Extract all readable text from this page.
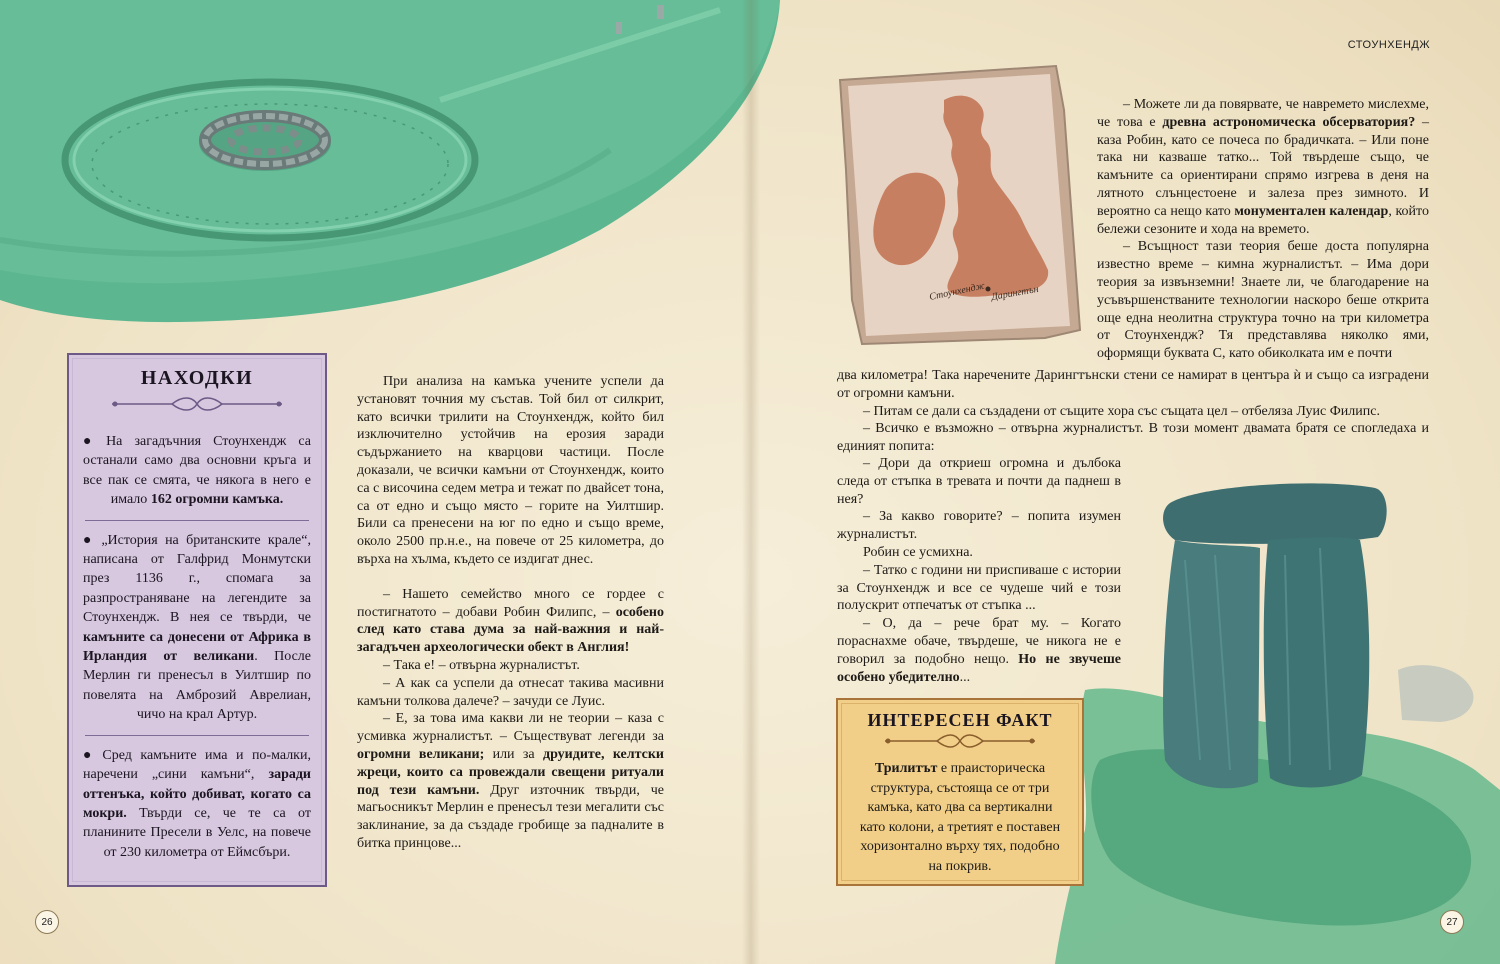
Стоунхендж Дарингтън
СТОУНХЕНДЖ
НАХОДКИ

● На загадъчния Стоунхендж са останали само два основни кръга и все пак се смята, че някога в него е имало 162 огромни камъка.

● „История на британските крале“, написана от Галфрид Монмутски през 1136 г., спомага за разпространяване на легендите за Стоунхендж. В нея се твърди, че камъните са донесени от Африка в Ирландия от великани. После Мерлин ги пренесъл в Уилтшир по повелята на Амброзий Аврелиан, чичо на крал Артур.

● Сред камъните има и по-малки, наречени „сини камъни“, заради оттенъка, който добиват, когато са мокри. Твърди се, че те са от планините Пресели в Уелс, на повече от 230 километра от Еймсбъри.

При анализа на камъка учените успели да установят точния му състав. Той бил от силкрит, като всички трилити на Стоунхендж, който бил изключително устойчив на ерозия заради съдържанието на кварцови частици. После доказали, че всички камъни от Стоунхендж, които са с височина седем метра и тежат по двайсет тона, са от едно и също място – горите на Уилтшир. Били са пренесени на юг по едно и също време, около 2500 пр.н.е., на повече от 25 километра, до върха на хълма, където се издигат днес.

– Нашето семейство много се гордее с постигнатото – добави Робин Филипс, – особено след като става дума за най-важния и най-загадъчен археологически обект в Англия!

– Така е! – отвърна журналистът.

– А как са успели да отнесат такива масивни камъни толкова далече? – зачуди се Луис.

– Е, за това има какви ли не теории – каза с усмивка журналистът. – Съществуват легенди за огромни великани; или за друидите, келтски жреци, които са провеждали свещени ритуали под тези камъни. Друг източник твърди, че магьосникът Мерлин е пренесъл тези мегалити със заклинание, за да създаде гробище за падналите в битка принцове...

– Можете ли да повярвате, че навремето мислехме, че това е древна астрономическа обсерватория? – каза Робин, като се почеса по брадичката. – Или поне така ни казваше татко... Той твърдеше също, че камъните са ориентирани спрямо изгрева в деня на лятното слънцестоене и залеза през зимното. И вероятно са нещо като монументален календар, който бележи сезоните и хода на времето.

– Всъщност тази теория беше доста популярна известно време – кимна журналистът. – Има дори теория за извънземни! Знаете ли, че благодарение на усъвършенстваните технологии наскоро беше открита още една неолитна структура точно на три километра от Стоунхендж? Тя представлява няколко ями, оформящи буквата С, като обиколката им е почти

два километра! Така наречените Дарингтънски стени се намират в центъра ѝ и също са изградени от огромни камъни.

– Питам се дали са създадени от същите хора със същата цел – отбеляза Луис Филипс.

– Всичко е възможно – отвърна журналистът. В този момент двамата братя се спогледаха и единият попита:

– Дори да откриеш огромна и дълбока следа от стъпка в тревата и почти да паднеш в нея?

– За какво говорите? – попита изумен журналистът.

Робин се усмихна.

– Татко с години ни приспиваше с истории за Стоунхендж и все се чудеше чий е този полускрит отпечатък от стъпка ...

– О, да – рече брат му. – Когато пораснахме обаче, твърдеше, че никога не е говорил за подобно нещо. Но не звучеше особено убедително...

ИНТЕРЕСЕН ФАКТ

Трилитът е праисторическа структура, състояща се от три камъка, като два са вертикални като колони, а третият е поставен хоризонтално върху тях, подобно на покрив.

26	27
